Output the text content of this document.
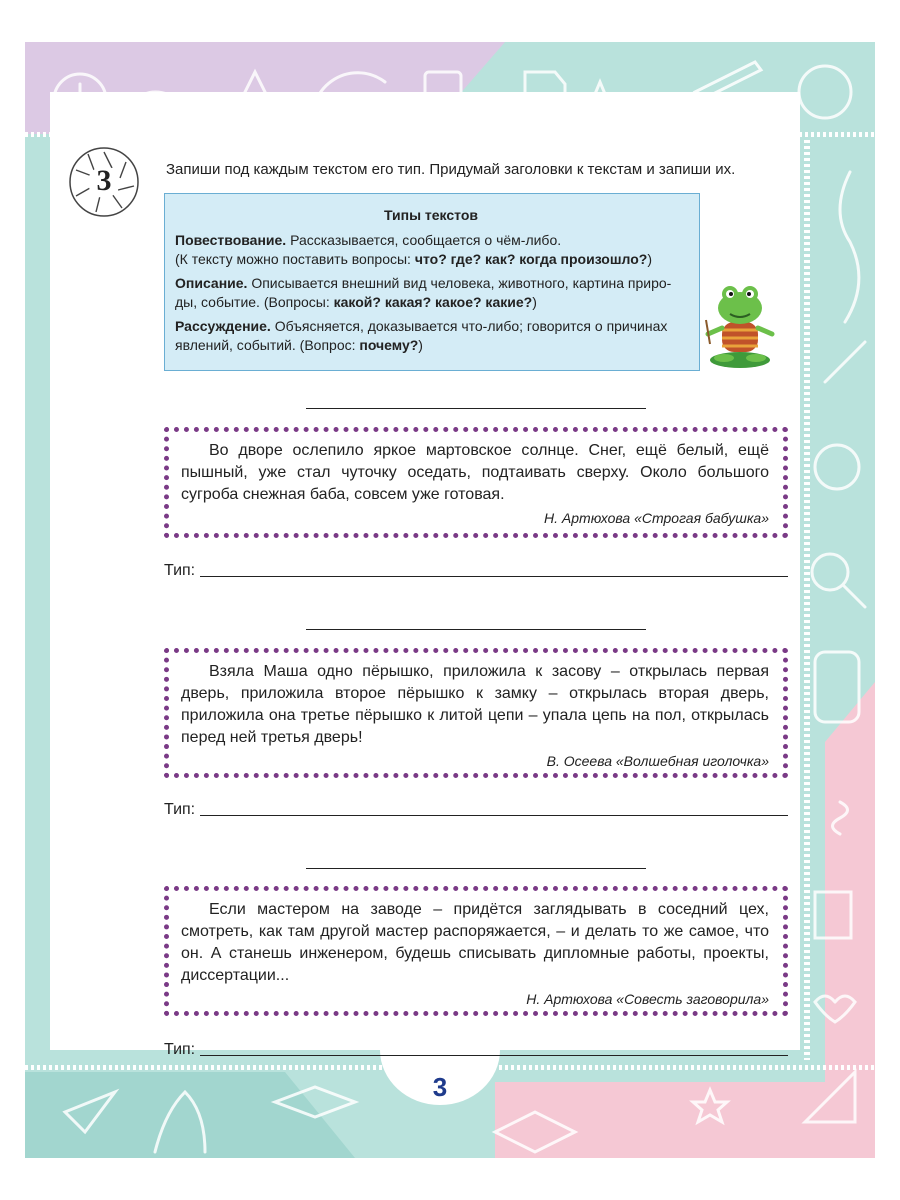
3	Запиши под каждым текстом его тип. Придумай заголовки к текстам и запиши их.
Типы текстов
Повествование. Рассказывается, сообщается о чём-либо.
(К тексту можно поставить вопросы: что? где? как? когда произошло?)
Описание. Описывается внешний вид человека, животного, картина приро-
ды, событие. (Вопросы: какой? какая? какое? какие?)
Рассуждение. Объясняется, доказывается что-либо; говорится о причинах
явлений, событий. (Вопрос: почему?)
Во дворе ослепило яркое мартовское солнце. Снег, ещё белый, ещё пышный, уже стал чуточку оседать, подтаивать сверху. Около большого сугроба снежная баба, совсем уже готовая.
Н. Артюхова «Строгая бабушка»
Тип:
Взяла Маша одно пёрышко, приложила к засову – открылась первая дверь, приложила второе пёрышко к замку – открылась вторая дверь, приложила она третье пёрышко к литой цепи – упала цепь на пол, открылась перед ней третья дверь!
В. Осеева «Волшебная иголочка»
Тип:
Если мастером на заводе – придётся заглядывать в соседний цех, смотреть, как там другой мастер распоряжается, – и делать то же самое, что он. А станешь инженером, будешь списывать дипломные работы, проекты, диссертации...
Н. Артюхова «Совесть заговорила»
Тип:
3
